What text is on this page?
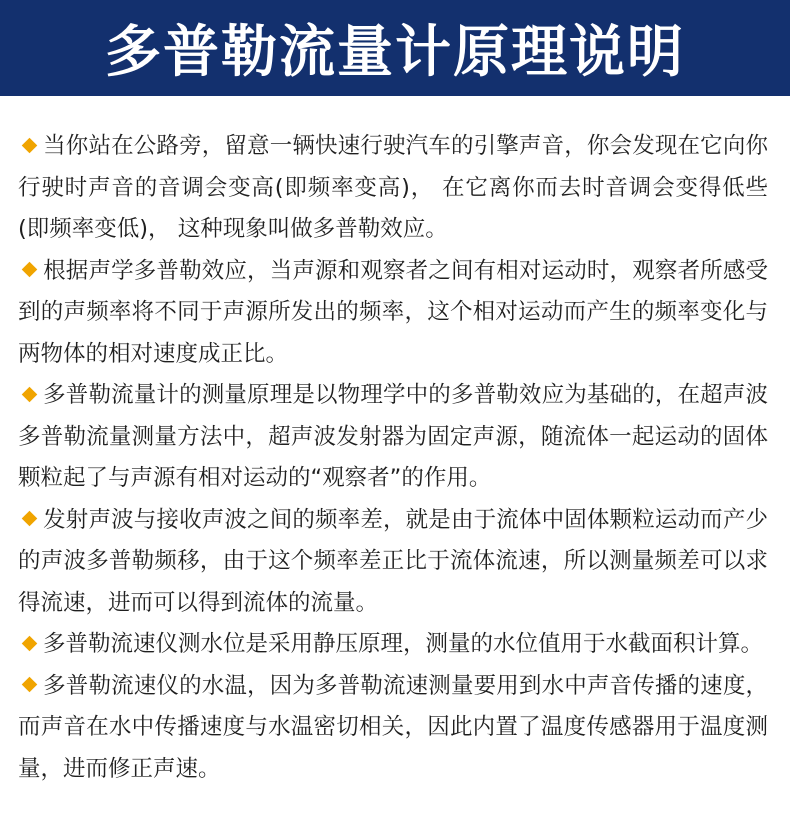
多普勒流量计原理说明

当你站在公路旁，留意一辆快速行驶汽车的引擎声音，你会发现在它向你行驶时声音的音调会变高(即频率变高)， 在它离你而去时音调会变得低些(即频率变低)， 这种现象叫做多普勒效应。

根据声学多普勒效应，当声源和观察者之间有相对运动时，观察者所感受到的声频率将不同于声源所发出的频率，这个相对运动而产生的频率变化与两物体的相对速度成正比。

多普勒流量计的测量原理是以物理学中的多普勒效应为基础的，在超声波多普勒流量测量方法中，超声波发射器为固定声源，随流体一起运动的固体颗粒起了与声源有相对运动的“观察者”的作用。

发射声波与接收声波之间的频率差，就是由于流体中固体颗粒运动而产少的声波多普勒频移，由于这个频率差正比于流体流速，所以测量频差可以求得流速，进而可以得到流体的流量。

多普勒流速仪测水位是采用静压原理，测量的水位值用于水截面积计算。

多普勒流速仪的水温，因为多普勒流速测量要用到水中声音传播的速度，而声音在水中传播速度与水温密切相关，因此内置了温度传感器用于温度测量，进而修正声速。
